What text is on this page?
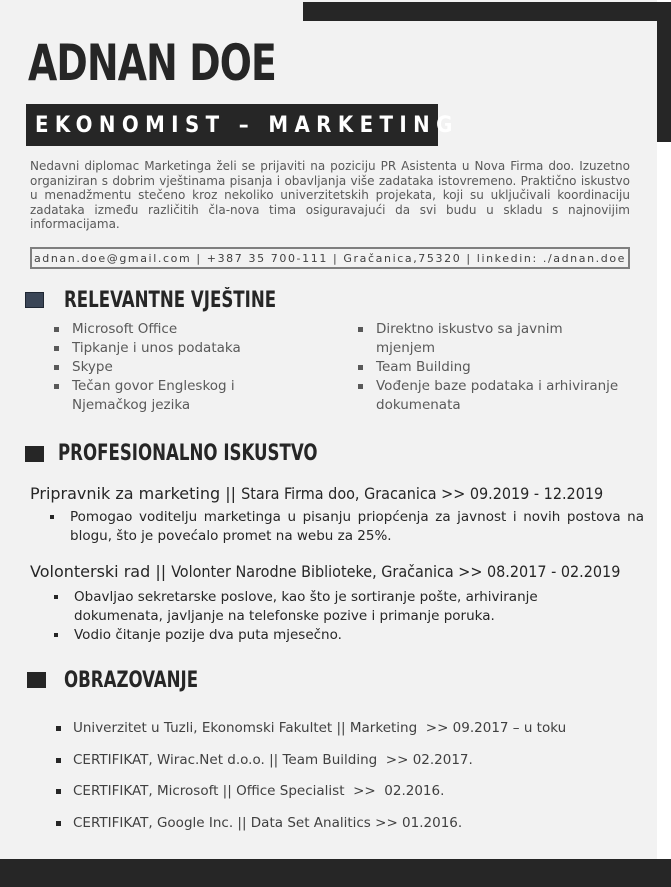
ADNAN DOE
EKONOMIST – MARKETING

Nedavni diplomac Marketinga želi se prijaviti na poziciju PR Asistenta u Nova Firma doo. Izuzetno organiziran s dobrim vještinama pisanja i obavljanja više zadataka istovremeno. Praktično iskustvo u menadžmentu stečeno kroz nekoliko univerzitetskih projekata, koji su uključivali koordinaciju zadataka između različitih čla-nova tima osiguravajući da svi budu u skladu s najnovijim informacijama.

adnan.doe@gmail.com | +387 35 700-111 | Gračanica,75320 | linkedin: ./adnan.doe
RELEVANTNE VJEŠTINE
Microsoft Office
Tipkanje i unos podataka
Skype
Tečan govor Engleskog i Njemačkog jezika
Direktno iskustvo sa javnim mjenjem
Team Building
Vođenje baze podataka i arhiviranje dokumenata
PROFESIONALNO ISKUSTVO
Pripravnik za marketing || Stara Firma doo, Gracanica >> 09.2019 - 12.2019
Pomogao voditelju marketinga u pisanju priopćenja za javnost i novih postova na blogu, što je povećalo promet na webu za 25%.
Volonterski rad || Volonter Narodne Biblioteke, Gračanica >> 08.2017 - 02.2019
Obavljao sekretarske poslove, kao što je sortiranje pošte, arhiviranje dokumenata, javljanje na telefonske pozive i primanje poruka.
Vodio čitanje pozije dva puta mjesečno.
OBRAZOVANJE
Univerzitet u Tuzli, Ekonomski Fakultet || Marketing  >> 09.2017 – u toku
CERTIFIKAT, Wirac.Net d.o.o. || Team Building  >> 02.2017.
CERTIFIKAT, Microsoft || Office Specialist  >>  02.2016.
CERTIFIKAT, Google Inc. || Data Set Analitics >> 01.2016.
